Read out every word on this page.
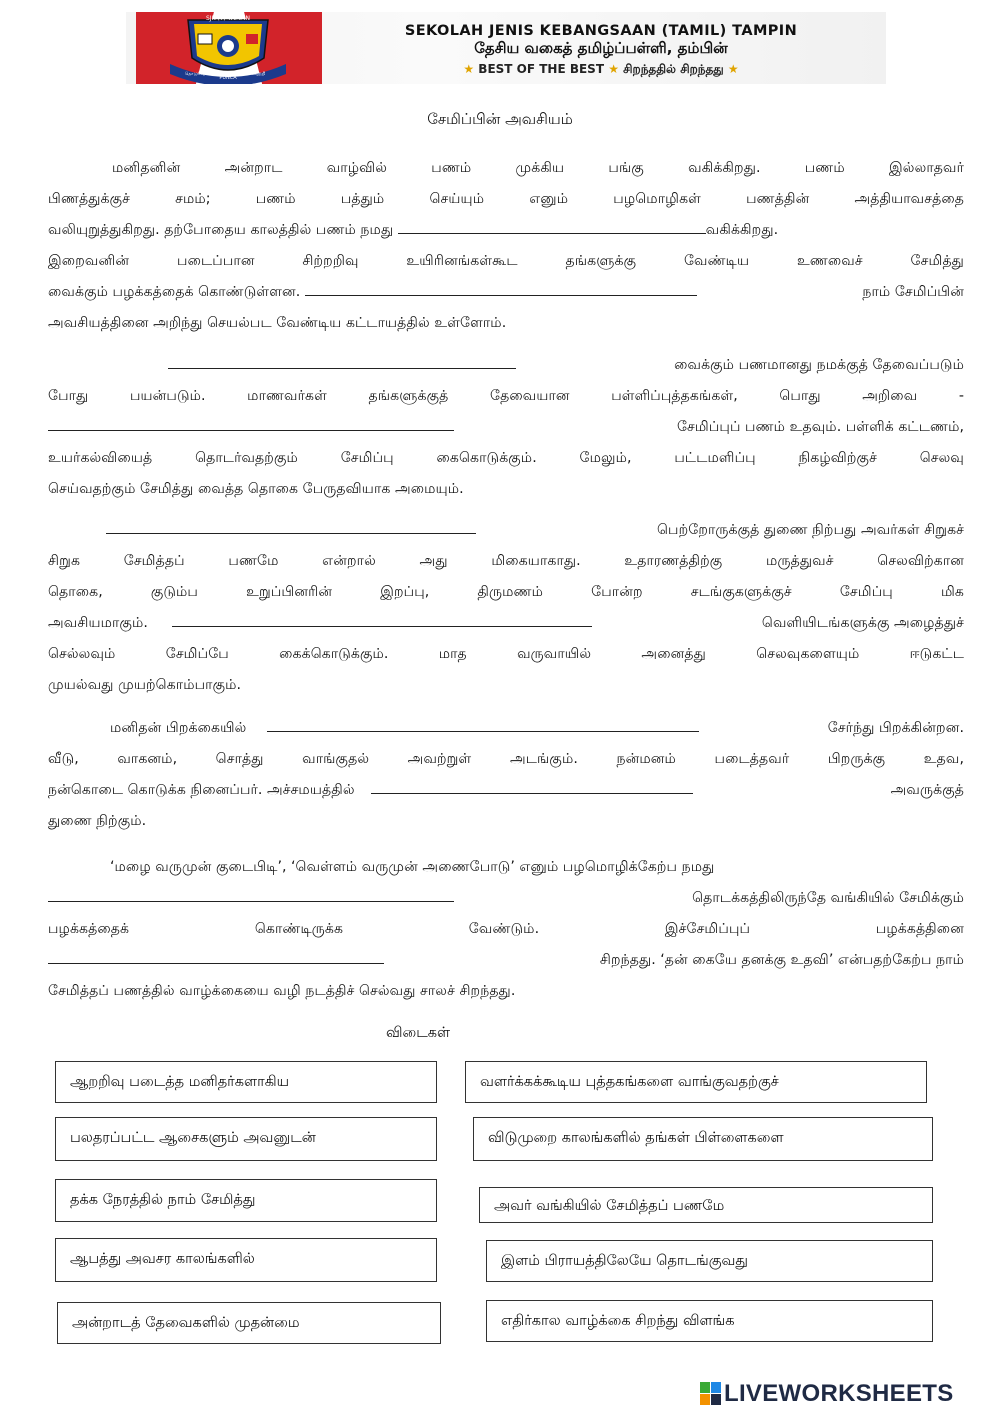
SJK (T) TAMPIN
தொடுவோம்
PUNCA
வெற்றி
SEKOLAH JENIS KEBANGSAAN (TAMIL) TAMPIN
தேசிய வகைத் தமிழ்ப்பள்ளி, தம்பின்
★ BEST OF THE BEST ★ சிறந்ததில் சிறந்தது ★
சேமிப்பின் அவசியம்
மனிதனின் அன்றாட வாழ்வில் பணம் முக்கிய பங்கு வகிக்கிறது. பணம் இல்லாதவர்
பிணத்துக்குச் சமம்; பணம் பத்தும் செய்யும் எனும் பழமொழிகள் பணத்தின் அத்தியாவசத்தை
வலியுறுத்துகிறது. தற்போதைய காலத்தில் பணம் நமது	வகிக்கிறது.
இறைவனின் படைப்பான சிற்றறிவு உயிரினங்கள்கூட தங்களுக்கு வேண்டிய உணவைச் சேமித்து
வைக்கும் பழக்கத்தைக் கொண்டுள்ளன.	நாம் சேமிப்பின்
அவசியத்தினை அறிந்து செயல்பட வேண்டிய கட்டாயத்தில் உள்ளோம்.
வைக்கும் பணமானது நமக்குத் தேவைப்படும்
போது பயன்படும். மாணவர்கள் தங்களுக்குத் தேவையான பள்ளிப்புத்தகங்கள், பொது அறிவை -
சேமிப்புப் பணம் உதவும். பள்ளிக் கட்டணம்,
உயர்கல்வியைத் தொடர்வதற்கும் சேமிப்பு கைகொடுக்கும். மேலும், பட்டமளிப்பு நிகழ்விற்குச் செலவு
செய்வதற்கும் சேமித்து வைத்த தொகை பேருதவியாக அமையும்.
பெற்றோருக்குத் துணை நிற்பது அவர்கள் சிறுகச்
சிறுக சேமித்தப் பணமே என்றால் அது மிகையாகாது. உதாரணத்திற்கு மருத்துவச் செலவிற்கான
தொகை, குடும்ப உறுப்பினரின் இறப்பு, திருமணம் போன்ற சடங்குகளுக்குச் சேமிப்பு மிக
அவசியமாகும்.	வெளியிடங்களுக்கு அழைத்துச்
செல்லவும் சேமிப்பே கைக்கொடுக்கும். மாத வருவாயில் அனைத்து செலவுகளையும் ஈடுகட்ட
முயல்வது முயற்கொம்பாகும்.
மனிதன் பிறக்கையில்	சேர்ந்து பிறக்கின்றன.
வீடு, வாகனம், சொத்து வாங்குதல் அவற்றுள் அடங்கும். நன்மனம் படைத்தவர் பிறருக்கு உதவ,
நன்கொடை கொடுக்க நினைப்பர். அச்சமயத்தில்	அவருக்குத்
துணை நிற்கும்.
‘மழை வருமுன் குடைபிடி’, ‘வெள்ளம் வருமுன் அணைபோடு’ எனும் பழமொழிக்கேற்ப நமது
தொடக்கத்திலிருந்தே வங்கியில் சேமிக்கும்
பழக்கத்தைக் கொண்டிருக்க வேண்டும். இச்சேமிப்புப் பழக்கத்தினை
சிறந்தது. ‘தன் கையே தனக்கு உதவி’ என்பதற்கேற்ப நாம்
சேமித்தப் பணத்தில் வாழ்க்கையை வழி நடத்திச் செல்வது சாலச் சிறந்தது.
விடைகள்
ஆறறிவு படைத்த மனிதர்களாகிய	வளர்க்கக்கூடிய புத்தகங்களை வாங்குவதற்குச்
பலதரப்பட்ட ஆசைகளும் அவனுடன்	விடுமுறை காலங்களில் தங்கள் பிள்ளைகளை
தக்க நேரத்தில் நாம் சேமித்து	அவர் வங்கியில் சேமித்தப் பணமே
ஆபத்து அவசர காலங்களில்	இளம் பிராயத்திலேயே தொடங்குவது
அன்றாடத் தேவைகளில் முதன்மை	எதிர்கால வாழ்க்கை சிறந்து விளங்க
LIVEWORKSHEETS
